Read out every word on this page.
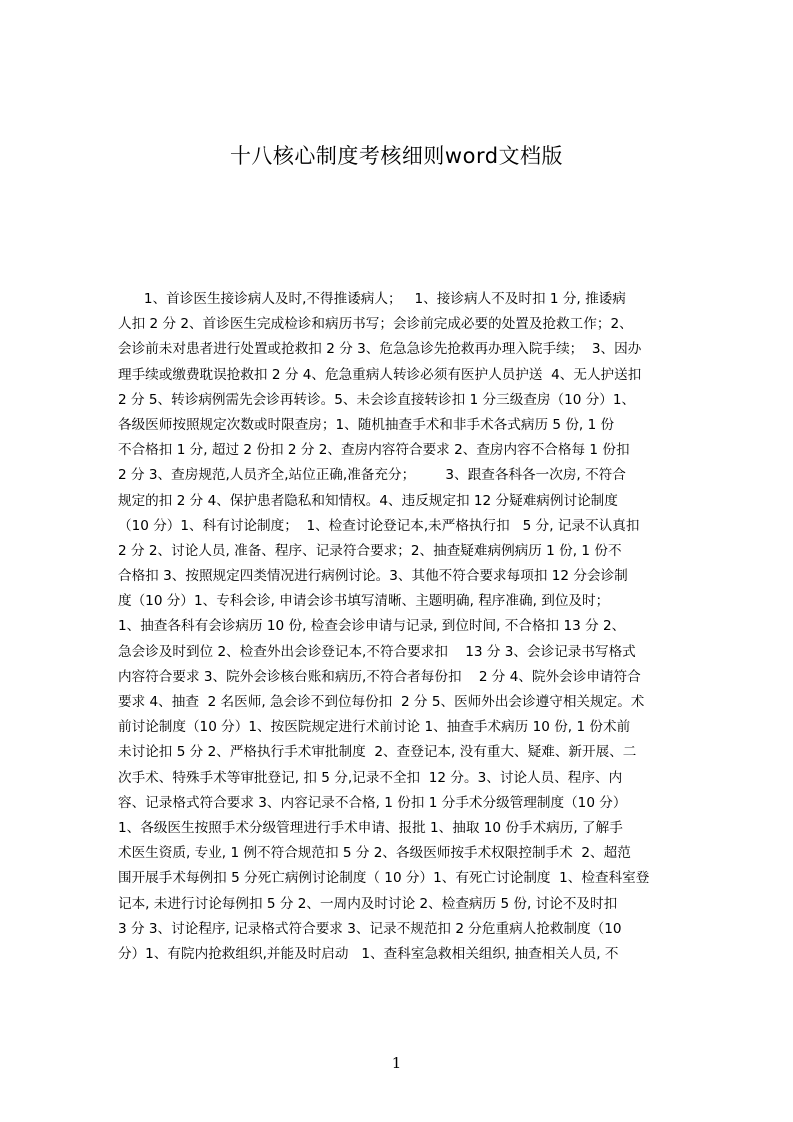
十八核心制度考核细则word文档版
1、首诊医生接诊病人及时,不得推诿病人；   1、接诊病人不及时扣 1 分, 推诿病
人扣 2 分 2、首诊医生完成检诊和病历书写；会诊前完成必要的处置及抢救工作；2、
会诊前未对患者进行处置或抢救扣 2 分 3、危急急诊先抢救再办理入院手续；  3、因办
理手续或缴费耽误抢救扣 2 分 4、危急重病人转诊必须有医护人员护送  4、无人护送扣
2 分 5、转诊病例需先会诊再转诊。5、未会诊直接转诊扣 1 分三级查房（10 分）1、
各级医师按照规定次数或时限查房；1、随机抽查手术和非手术各式病历 5 份, 1 份
不合格扣 1 分, 超过 2 份扣 2 分 2、查房内容符合要求 2、查房内容不合格每 1 份扣
2 分 3、查房规范,人员齐全,站位正确,准备充分；       3、跟查各科各一次房, 不符合
规定的扣 2 分 4、保护患者隐私和知情权。4、违反规定扣 12 分疑难病例讨论制度
（10 分）1、科有讨论制度；  1、检查讨论登记本,未严格执行扣   5 分, 记录不认真扣
2 分 2、讨论人员, 准备、程序、记录符合要求；2、抽查疑难病例病历 1 份, 1 份不
合格扣 3、按照规定四类情况进行病例讨论。3、其他不符合要求每项扣 12 分会诊制
度（10 分）1、专科会诊, 申请会诊书填写清晰、主题明确, 程序准确, 到位及时；
1、抽查各科有会诊病历 10 份, 检查会诊申请与记录, 到位时间, 不合格扣 13 分 2、
急会诊及时到位 2、检查外出会诊登记本,不符合要求扣    13 分 3、会诊记录书写格式
内容符合要求 3、院外会诊核台账和病历,不符合者每份扣    2 分 4、院外会诊申请符合
要求 4、抽查  2 名医师, 急会诊不到位每份扣  2 分 5、医师外出会诊遵守相关规定。术
前讨论制度（10 分）1、按医院规定进行术前讨论 1、抽查手术病历 10 份, 1 份术前
未讨论扣 5 分 2、严格执行手术审批制度  2、查登记本, 没有重大、疑难、新开展、二
次手术、特殊手术等审批登记, 扣 5 分,记录不全扣  12 分。3、讨论人员、程序、内
容、记录格式符合要求 3、内容记录不合格, 1 份扣 1 分手术分级管理制度（10 分）
1、各级医生按照手术分级管理进行手术申请、报批 1、抽取 10 份手术病历, 了解手
术医生资质, 专业, 1 例不符合规范扣 5 分 2、各级医师按手术权限控制手术  2、超范
围开展手术每例扣 5 分死亡病例讨论制度（ 10 分）1、有死亡讨论制度  1、检查科室登
记本, 未进行讨论每例扣 5 分 2、一周内及时讨论 2、检查病历 5 份, 讨论不及时扣
3 分 3、讨论程序, 记录格式符合要求 3、记录不规范扣 2 分危重病人抢救制度（10
分）1、有院内抢救组织,并能及时启动   1、查科室急救相关组织, 抽查相关人员, 不
1
